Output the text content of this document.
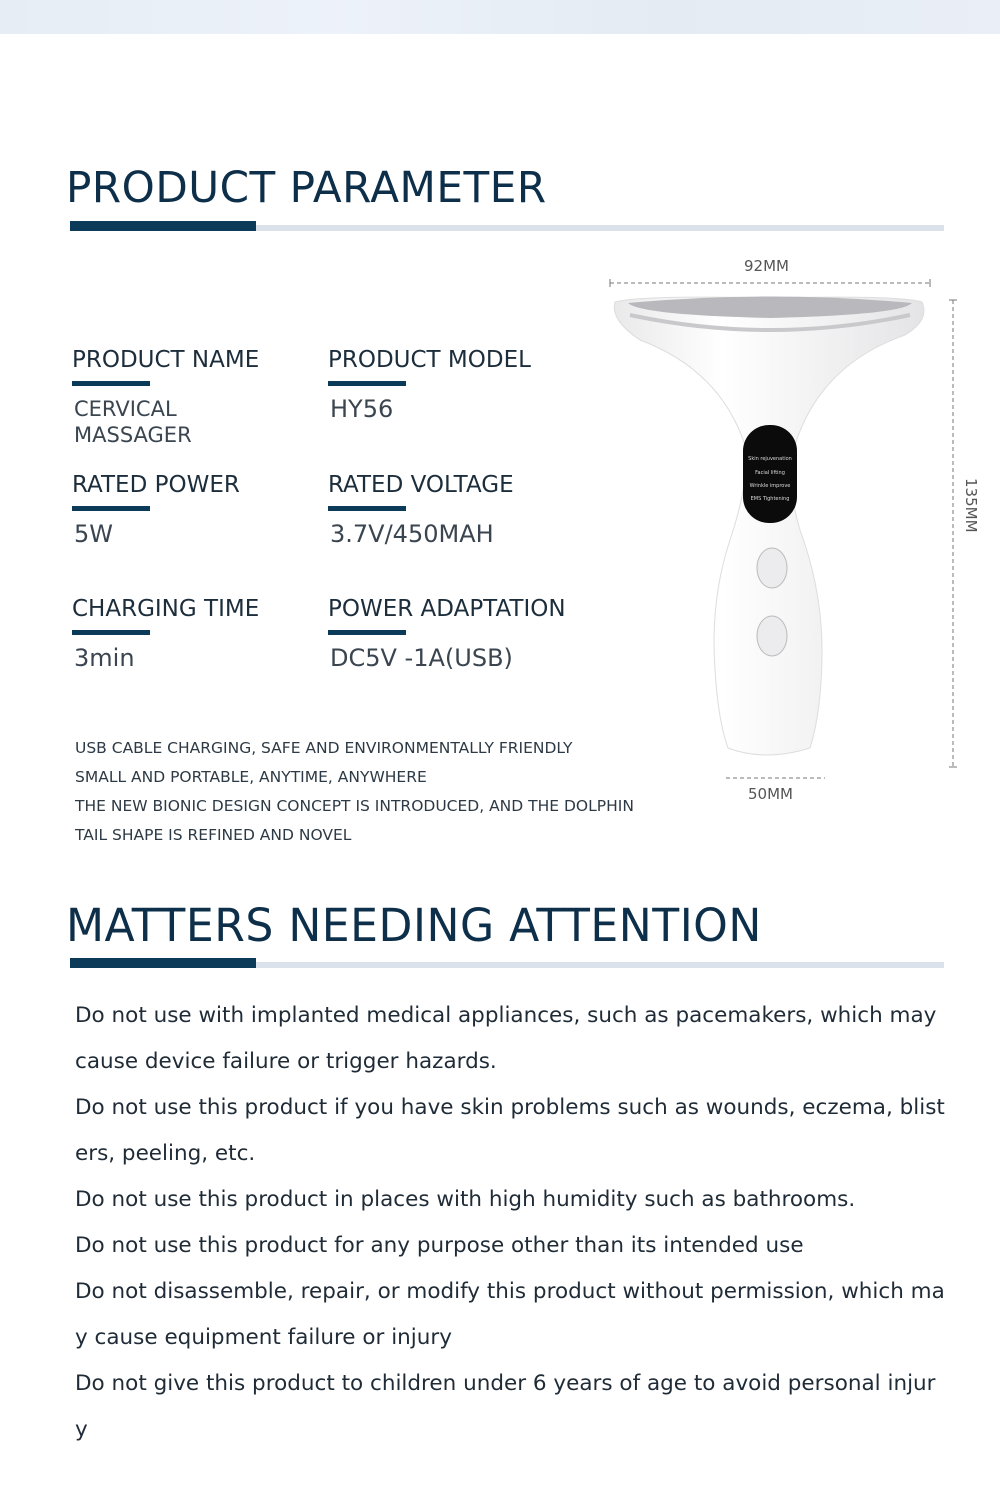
PRODUCT PARAMETER
PRODUCT NAME
CERVICAL MASSAGER
PRODUCT MODEL
HY56
RATED POWER
5W
RATED VOLTAGE
3.7V/450MAH
CHARGING TIME
3min
POWER ADAPTATION
DC5V -1A(USB)
USB CABLE CHARGING, SAFE AND ENVIRONMENTALLY FRIENDLY
SMALL AND PORTABLE, ANYTIME, ANYWHERE
THE NEW BIONIC DESIGN CONCEPT IS INTRODUCED, AND THE DOLPHIN TAIL SHAPE IS REFINED AND NOVEL
92MM
50MM
135MM
Skin rejuvenation
Facial lifting
Wrinkle improve
EMS Tightening
MATTERS NEEDING ATTENTION
Do not use with implanted medical appliances, such as pacemakers, which may cause device failure or trigger hazards.
Do not use this product if you have skin problems such as wounds, eczema, blisters, peeling, etc.
Do not use this product in places with high humidity such as bathrooms.
Do not use this product for any purpose other than its intended use
Do not disassemble, repair, or modify this product without permission, which may cause equipment failure or injury
Do not give this product to children under 6 years of age to avoid personal injury
